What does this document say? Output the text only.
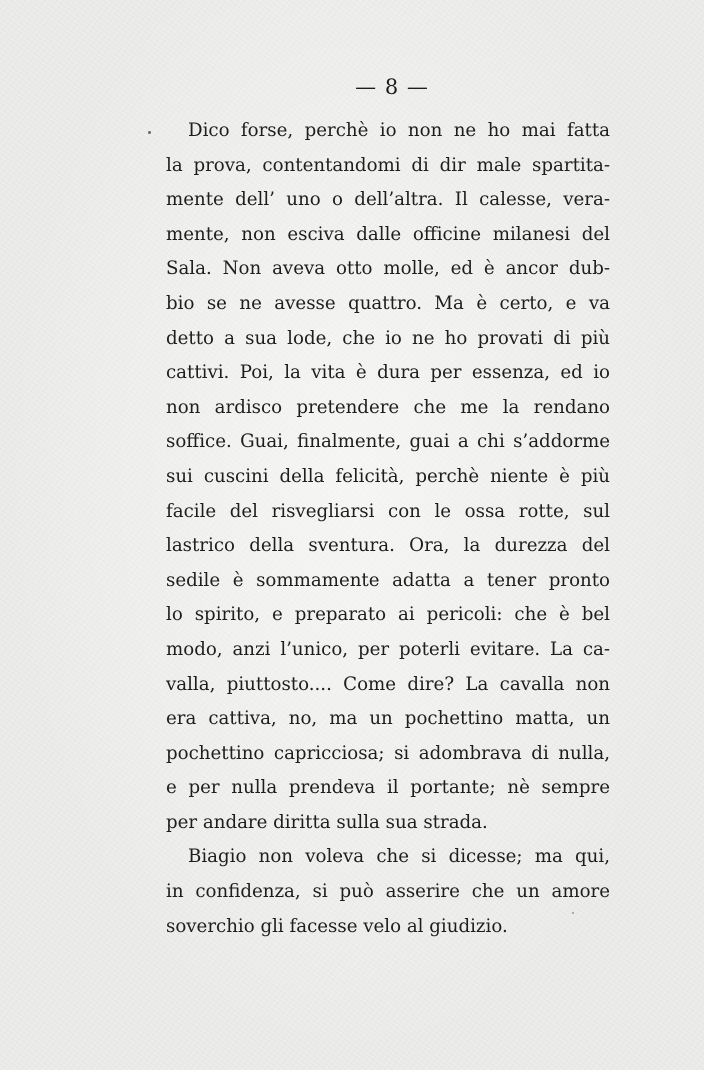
— 8 —
Dico forse, perchè io non ne ho mai fatta
la prova, contentandomi di dir male spartita-
mente dell’ uno o dell’altra. Il calesse, vera-
mente, non esciva dalle officine milanesi del
Sala. Non aveva otto molle, ed è ancor dub-
bio se ne avesse quattro. Ma è certo, e va
detto a sua lode, che io ne ho provati di più
cattivi. Poi, la vita è dura per essenza, ed io
non ardisco pretendere che me la rendano
soffice. Guai, finalmente, guai a chi s’addorme
sui cuscini della felicità, perchè niente è più
facile del risvegliarsi con le ossa rotte, sul
lastrico della sventura. Ora, la durezza del
sedile è sommamente adatta a tener pronto
lo spirito, e preparato ai pericoli: che è bel
modo, anzi l’unico, per poterli evitare. La ca-
valla, piuttosto.... Come dire? La cavalla non
era cattiva, no, ma un pochettino matta, un
pochettino capricciosa; si adombrava di nulla,
e per nulla prendeva il portante; nè sempre
per andare diritta sulla sua strada.
Biagio non voleva che si dicesse; ma qui,
in confidenza, si può asserire che un amore
soverchio gli facesse velo al giudizio.
